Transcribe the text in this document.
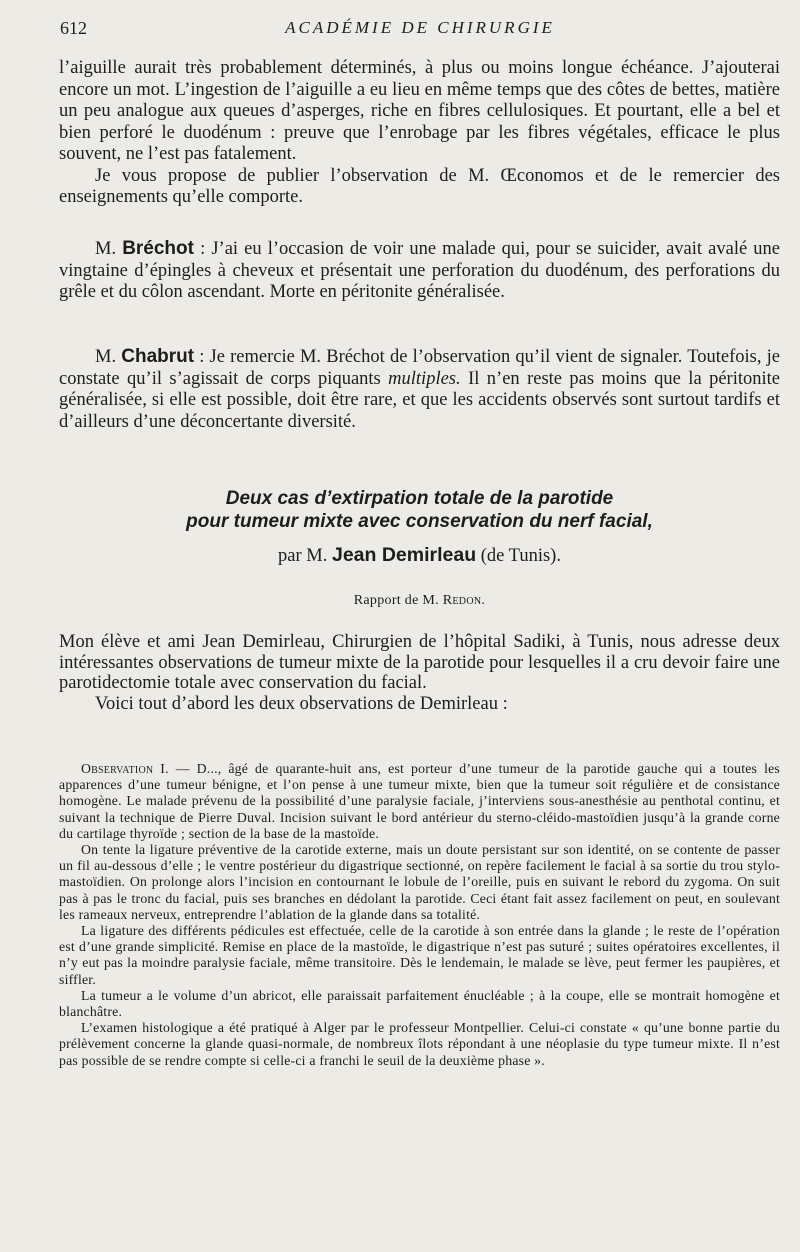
612	ACADÉMIE DE CHIRURGIE

l’aiguille aurait très probablement déterminés, à plus ou moins longue échéance. J’ajouterai encore un mot. L’ingestion de l’aiguille a eu lieu en même temps que des côtes de bettes, matière un peu analogue aux queues d’asperges, riche en fibres cellulosiques. Et pourtant, elle a bel et bien perforé le duodénum : preuve que l’enrobage par les fibres végétales, efficace le plus souvent, ne l’est pas fatalement.

Je vous propose de publier l’observation de M. Œconomos et de le remercier des enseignements qu’elle comporte.

M. Bréchot : J’ai eu l’occasion de voir une malade qui, pour se suicider, avait avalé une vingtaine d’épingles à cheveux et présentait une perforation du duodénum, des perforations du grêle et du côlon ascendant. Morte en péritonite généralisée.

M. Chabrut : Je remercie M. Bréchot de l’observation qu’il vient de signaler. Toutefois, je constate qu’il s’agissait de corps piquants multiples. Il n’en reste pas moins que la péritonite généralisée, si elle est possible, doit être rare, et que les accidents observés sont surtout tardifs et d’ailleurs d’une déconcertante diversité.

Deux cas d’extirpation totale de la parotide
pour tumeur mixte avec conservation du nerf facial,
par M. Jean Demirleau (de Tunis).
Rapport de M. Redon.

Mon élève et ami Jean Demirleau, Chirurgien de l’hôpital Sadiki, à Tunis, nous adresse deux intéressantes observations de tumeur mixte de la parotide pour lesquelles il a cru devoir faire une parotidectomie totale avec conservation du facial.

Voici tout d’abord les deux observations de Demirleau :

Observation I. — D..., âgé de quarante-huit ans, est porteur d’une tumeur de la parotide gauche qui a toutes les apparences d’une tumeur bénigne, et l’on pense à une tumeur mixte, bien que la tumeur soit régulière et de consistance homogène. Le malade prévenu de la possibilité d’une paralysie faciale, j’interviens sous-anesthésie au penthotal continu, et suivant la technique de Pierre Duval. Incision suivant le bord antérieur du sterno-cléido-mastoïdien jusqu’à la grande corne du cartilage thyroïde ; section de la base de la mastoïde.

On tente la ligature préventive de la carotide externe, mais un doute persistant sur son identité, on se contente de passer un fil au-dessous d’elle ; le ventre postérieur du digastrique sectionné, on repère facilement le facial à sa sortie du trou stylo-mastoïdien. On prolonge alors l’incision en contournant le lobule de l’oreille, puis en suivant le rebord du zygoma. On suit pas à pas le tronc du facial, puis ses branches en dédolant la parotide. Ceci étant fait assez facilement on peut, en soulevant les rameaux nerveux, entreprendre l’ablation de la glande dans sa totalité.

La ligature des différents pédicules est effectuée, celle de la carotide à son entrée dans la glande ; le reste de l’opération est d’une grande simplicité. Remise en place de la mastoïde, le digastrique n’est pas suturé ; suites opératoires excellentes, il n’y eut pas la moindre paralysie faciale, même transitoire. Dès le lendemain, le malade se lève, peut fermer les paupières, et siffler.

La tumeur a le volume d’un abricot, elle paraissait parfaitement énucléable ; à la coupe, elle se montrait homogène et blanchâtre.

L’examen histologique a été pratiqué à Alger par le professeur Montpellier. Celui-ci constate « qu’une bonne partie du prélèvement concerne la glande quasi-normale, de nombreux îlots répondant à une néoplasie du type tumeur mixte. Il n’est pas possible de se rendre compte si celle-ci a franchi le seuil de la deuxième phase ».
